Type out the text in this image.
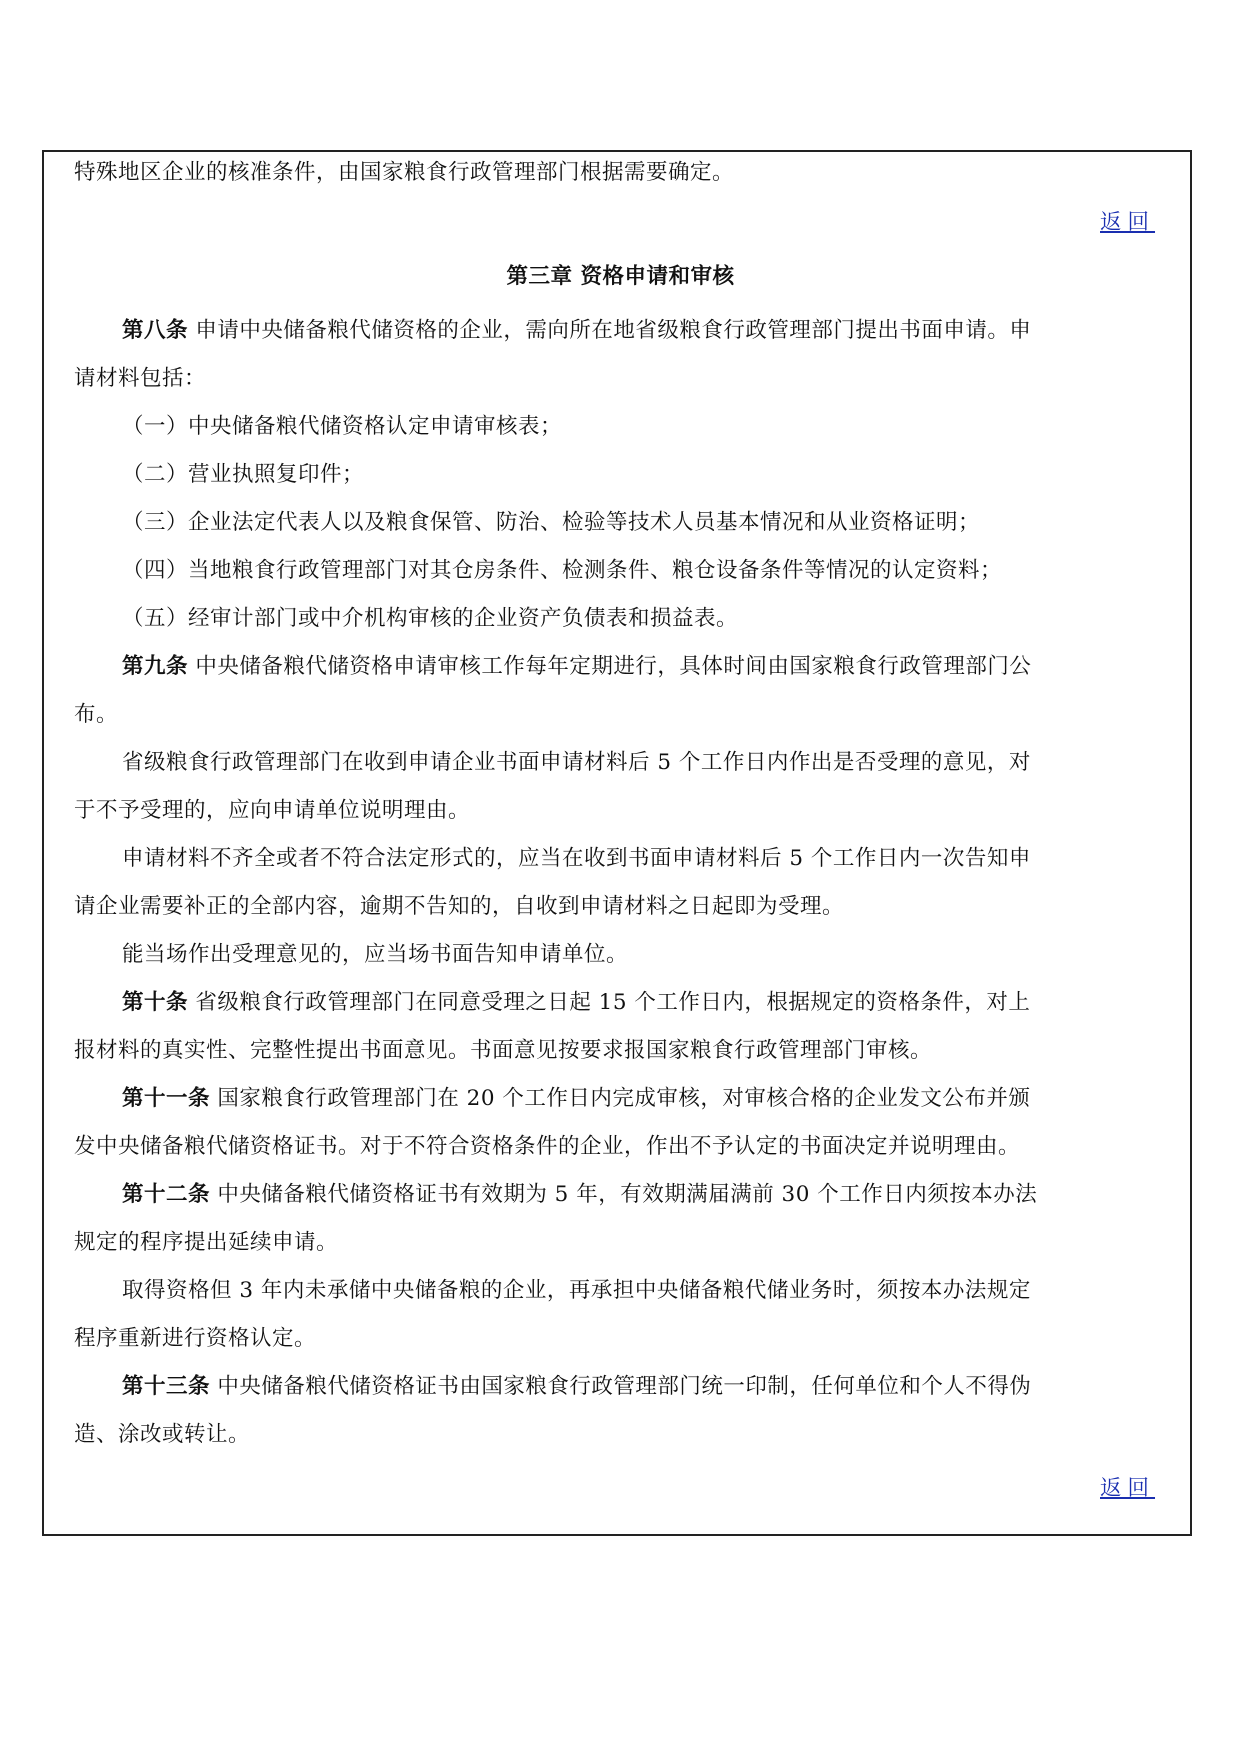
特殊地区企业的核准条件，由国家粮食行政管理部门根据需要确定。
返回
第三章 资格申请和审核
第八条 申请中央储备粮代储资格的企业，需向所在地省级粮食行政管理部门提出书面申请。申
请材料包括：
（一）中央储备粮代储资格认定申请审核表；
（二）营业执照复印件；
（三）企业法定代表人以及粮食保管、防治、检验等技术人员基本情况和从业资格证明；
（四）当地粮食行政管理部门对其仓房条件、检测条件、粮仓设备条件等情况的认定资料；
（五）经审计部门或中介机构审核的企业资产负债表和损益表。
第九条 中央储备粮代储资格申请审核工作每年定期进行，具体时间由国家粮食行政管理部门公
布。
省级粮食行政管理部门在收到申请企业书面申请材料后 5 个工作日内作出是否受理的意见，对
于不予受理的，应向申请单位说明理由。
申请材料不齐全或者不符合法定形式的，应当在收到书面申请材料后 5 个工作日内一次告知申
请企业需要补正的全部内容，逾期不告知的，自收到申请材料之日起即为受理。
能当场作出受理意见的，应当场书面告知申请单位。
第十条 省级粮食行政管理部门在同意受理之日起 15 个工作日内，根据规定的资格条件，对上
报材料的真实性、完整性提出书面意见。书面意见按要求报国家粮食行政管理部门审核。
第十一条 国家粮食行政管理部门在 20 个工作日内完成审核，对审核合格的企业发文公布并颁
发中央储备粮代储资格证书。对于不符合资格条件的企业，作出不予认定的书面决定并说明理由。
第十二条 中央储备粮代储资格证书有效期为 5 年，有效期满届满前 30 个工作日内须按本办法
规定的程序提出延续申请。
取得资格但 3 年内未承储中央储备粮的企业，再承担中央储备粮代储业务时，须按本办法规定
程序重新进行资格认定。
第十三条 中央储备粮代储资格证书由国家粮食行政管理部门统一印制，任何单位和个人不得伪
造、涂改或转让。
返回
